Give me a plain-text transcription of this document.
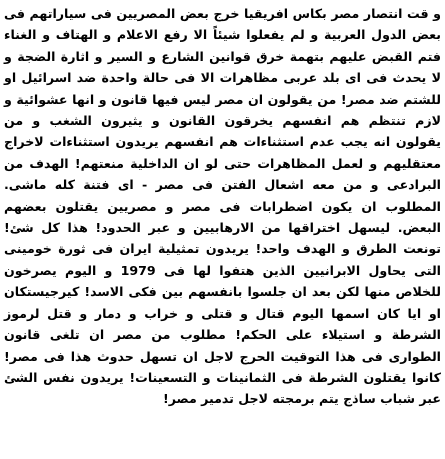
و قت انتصار مصر بكاس افريقيا خرج بعض المصريين فى سياراتهم فى بعض الدول العربية و لم يفعلوا شيئاً الا رفع الاعلام و الهتاف و الغناء فتم القبض عليهم بتهمة خرق قوانين الشارع و السير و اثارة الضجة و لا يحدث فى اى بلد عربى مظاهرات الا فى حالة واحدة ضد اسرائيل او للشتم ضد مصر! من يقولون ان مصر ليس فيها قانون و انها عشوائية و لازم تنتظم هم انفسهم يخرقون القانون و يثيرون الشغب و من يقولون انه يجب عدم استثناءات هم انفسهم يريدون استثناءات لاخراج معتقليهم و لعمل المظاهرات حتى لو ان الداخلية منعتهم! الهدف من البرادعى و من معه اشعال الفتن فى مصر - اى فتنة كله ماشى. المطلوب ان يكون اضطرابات فى مصر و مصريين يقتلون بعضهم البعض. ليسهل اختراقها من الارهابيين و عبر الحدود! هذا كل شئ! تونعت الطرق و الهدف واحد! يريدون تمثيلية ايران فى ثورة خومينى التى يحاول الابرانيين الذين هتفوا لها فى 1979 و اليوم يصرخون للخلاص منها لكن بعد ان جلسوا بانفسهم بين فكى الاسد! كيرجيستكان او ايا كان اسمها اليوم قتال و قتلى و خراب و دمار و قتل لرموز الشرطة و استيلاء على الحكم! مطلوب من مصر ان تلغى قانون الطوارى فى هذا التوقيت الحرج لاجل ان تسهل حدوث هذا فى مصر! كانوا يقتلون الشرطة فى الثمانينات و التسعينات! يريدون نفس الشئ عبر شباب ساذج يتم برمجته لاجل تدمير مصر!
